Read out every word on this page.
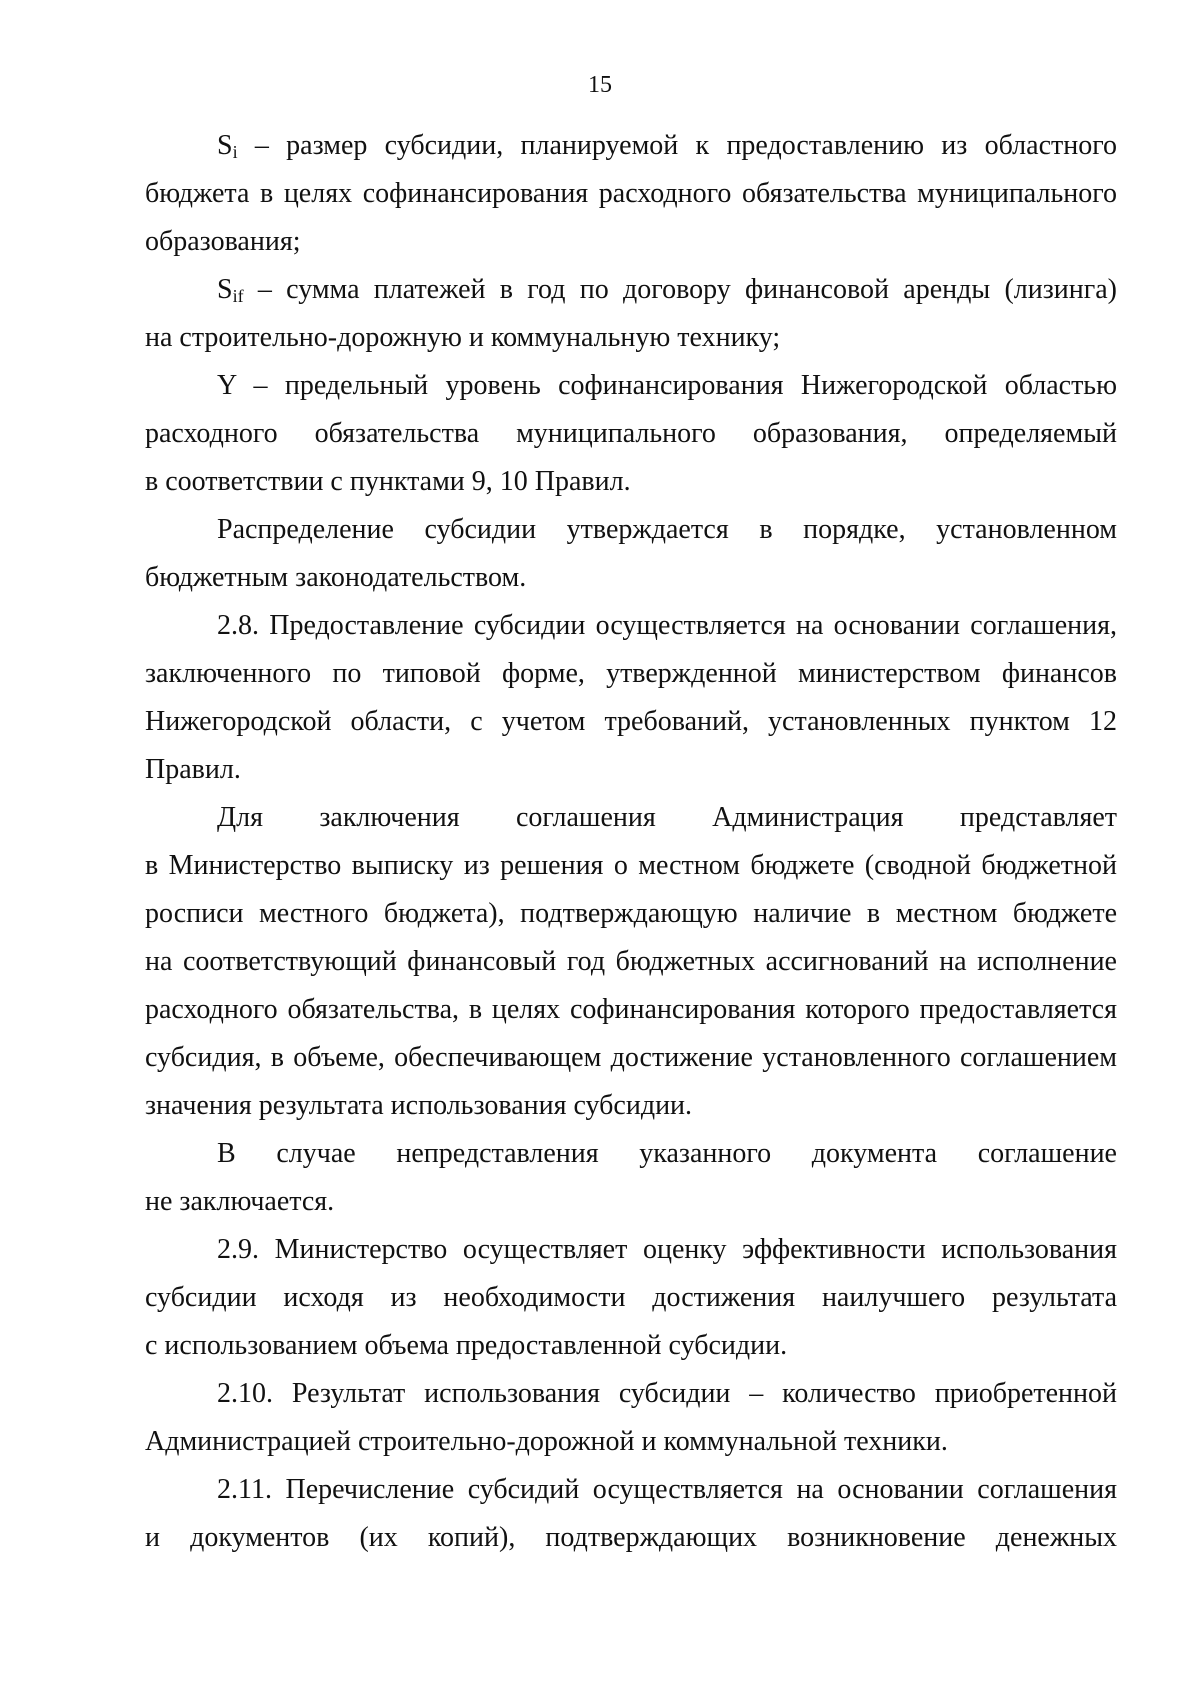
15
$S_i$ – размер субсидии, планируемой к предоставлению из областного
бюджета в целях софинансирования расходного обязательства муниципального
образования;
$S_{if}$ – сумма платежей в год по договору финансовой аренды (лизинга)
на строительно-дорожную и коммунальную технику;
Y – предельный уровень софинансирования Нижегородской областью
расходного обязательства муниципального образования, определяемый
в соответствии с пунктами 9, 10 Правил.
Распределение субсидии утверждается в порядке, установленном
бюджетным законодательством.
2.8. Предоставление субсидии осуществляется на основании соглашения,
заключенного по типовой форме, утвержденной министерством финансов
Нижегородской области, с учетом требований, установленных пунктом 12
Правил.
Для заключения соглашения Администрация представляет
в Министерство выписку из решения о местном бюджете (сводной бюджетной
росписи местного бюджета), подтверждающую наличие в местном бюджете
на соответствующий финансовый год бюджетных ассигнований на исполнение
расходного обязательства, в целях софинансирования которого предоставляется
субсидия, в объеме, обеспечивающем достижение установленного соглашением
значения результата использования субсидии.
В случае непредставления указанного документа соглашение
не заключается.
2.9. Министерство осуществляет оценку эффективности использования
субсидии исходя из необходимости достижения наилучшего результата
с использованием объема предоставленной субсидии.
2.10. Результат использования субсидии – количество приобретенной
Администрацией строительно-дорожной и коммунальной техники.
2.11. Перечисление субсидий осуществляется на основании соглашения
и документов (их копий), подтверждающих возникновение денежных
